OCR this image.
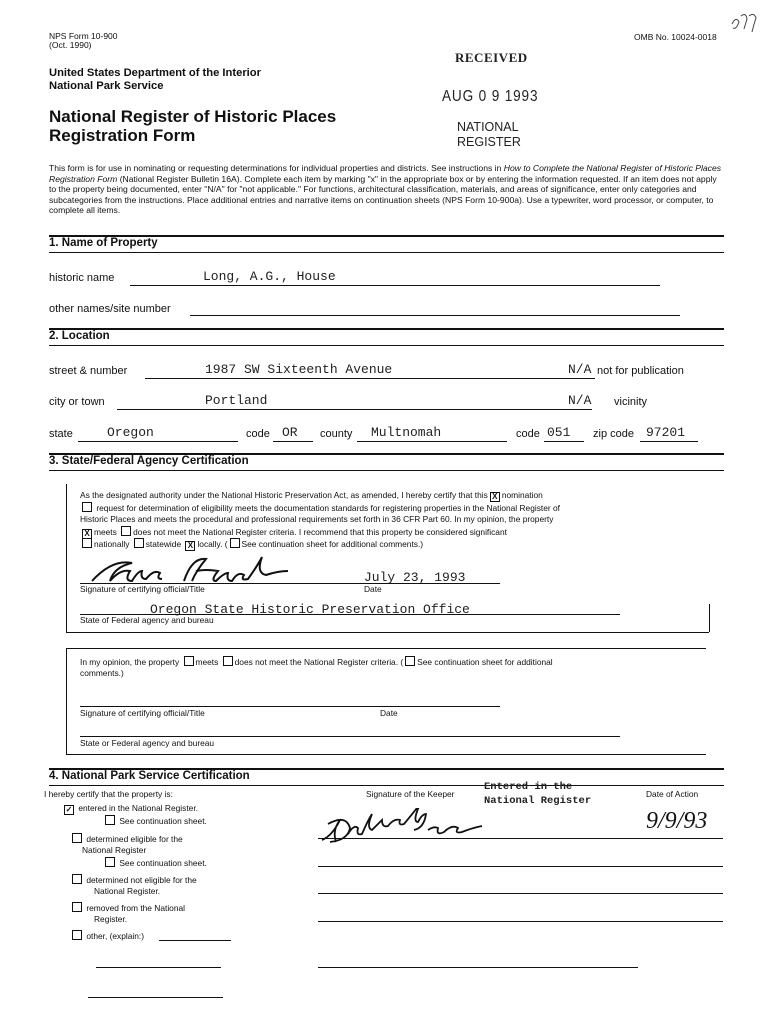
NPS Form 10-900
(Oct. 1990)
OMB No. 10024-0018
United States Department of the Interior
National Park Service
National Register of Historic Places
Registration Form
RECEIVED
AUG 0 9 1993
NATIONAL
REGISTER
This form is for use in nominating or requesting determinations for individual properties and districts. See instructions in How to Complete the National Register of Historic Places Registration Form (National Register Bulletin 16A). Complete each item by marking "x" in the appropriate box or by entering the information requested. If an item does not apply to the property being documented, enter "N/A" for "not applicable." For functions, architectural classification, materials, and areas of significance, enter only categories and subcategories from the instructions. Place additional entries and narrative items on continuation sheets (NPS Form 10-900a). Use a typewriter, word processor, or computer, to complete all items.
1. Name of Property
historic name	Long, A.G., House
other names/site number
2. Location
street & number	1987 SW Sixteenth Avenue	N/A not for publication
city or town	Portland	N/A vicinity
state	Oregon	code OR county Multnomah	code 051 zip code 97201
3. State/Federal Agency Certification
As the designated authority under the National Historic Preservation Act, as amended, I hereby certify that this X nomination
request for determination of eligibility meets the documentation standards for registering properties in the National Register of
Historic Places and meets the procedural and professional requirements set forth in 36 CFR Part 60. In my opinion, the property
X meets does not meet the National Register criteria. I recommend that this property be considered significant
nationally statewide X locally. ( See continuation sheet for additional comments.)
July 23, 1993
Signature of certifying official/Title	Date
Oregon State Historic Preservation Office
State of Federal agency and bureau
In my opinion, the property meets does not meet the National Register criteria. ( See continuation sheet for additional
comments.)
Signature of certifying official/Title	Date
State or Federal agency and bureau
4. National Park Service Certification
I hereby certify that the property is:	Signature of the Keeper
Entered in the
National Register
Date of Action
9/9/93
✓ entered in the National Register.
See continuation sheet.
determined eligible for the
National Register
See continuation sheet.
determined not eligible for the
National Register.
removed from the National
Register.
other, (explain:)
